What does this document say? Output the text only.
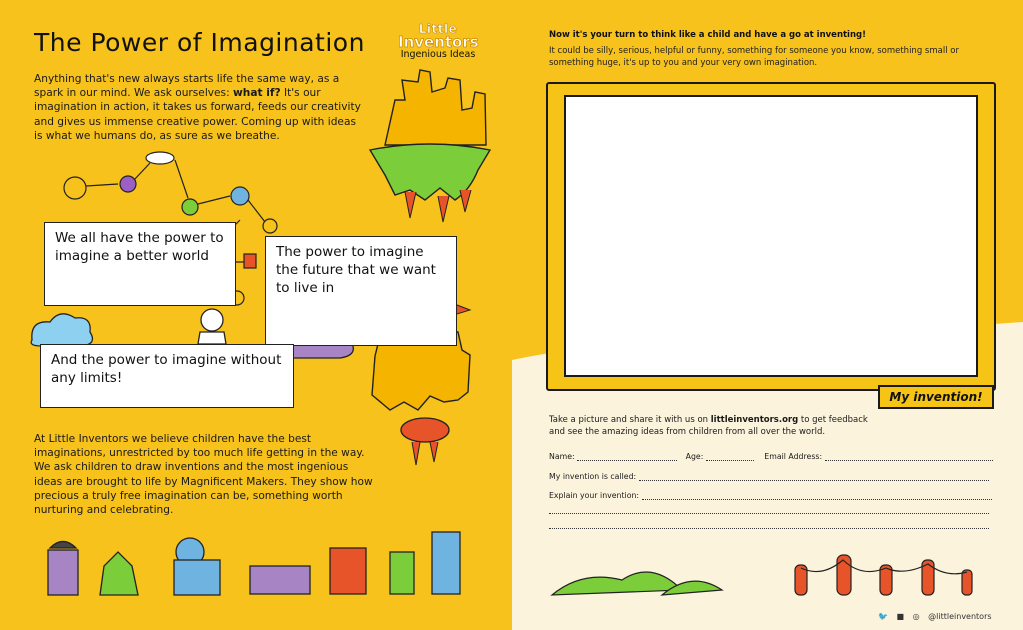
The Power of Imagination	Little
Inventors
Ingenious Ideas
Anything that's new always starts life the same way, as a spark in our mind. We ask ourselves: what if? It's our imagination in action, it takes us forward, feeds our creativity and gives us immense creative power. Coming up with ideas is what we humans do, as sure as we breathe.
We all have the power to imagine a better world	The power to imagine the future that we want to live in
And the power to imagine without any limits!
At Little Inventors we believe children have the best imaginations, unrestricted by too much life getting in the way. We ask children to draw inventions and the most ingenious ideas are brought to life by Magnificent Makers. They show how precious a truly free imagination can be, something worth nurturing and celebrating.
Now it's your turn to think like a child and have a go at inventing!
It could be silly, serious, helpful or funny, something for someone you know, something small or something huge, it's up to you and your very own imagination.
My invention!
Take a picture and share it with us on littleinventors.org to get feedback and see the amazing ideas from children from all over the world.
Name:	Age:	Email Address:
My invention is called:
Explain your invention:
🐦 ■ ◎ @littleinventors
